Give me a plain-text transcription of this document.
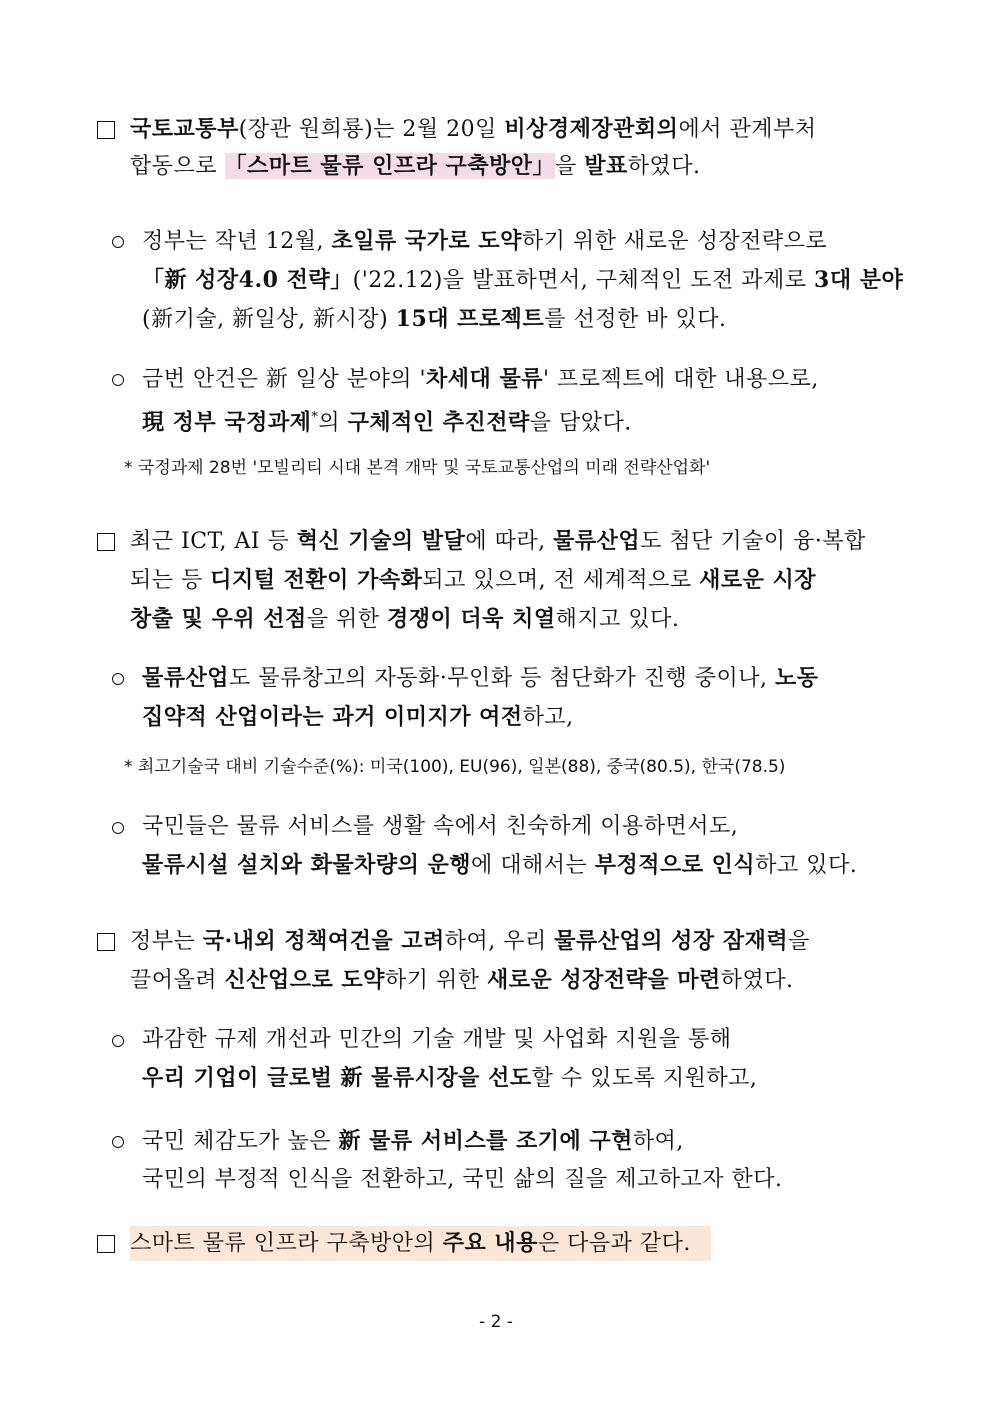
국토교통부(장관 원희룡)는 2월 20일 비상경제장관회의에서 관계부처
합동으로 「스마트 물류 인프라 구축방안」을 발표하였다.
정부는 작년 12월, 초일류 국가로 도약하기 위한 새로운 성장전략으로
「新 성장4.0 전략」('22.12)을 발표하면서, 구체적인 도전 과제로 3대 분야
(新기술, 新일상, 新시장) 15대 프로젝트를 선정한 바 있다.
금번 안건은 新 일상 분야의 '차세대 물류' 프로젝트에 대한 내용으로,
現 정부 국정과제*의 구체적인 추진전략을 담았다.
* 국정과제 28번 '모빌리티 시대 본격 개막 및 국토교통산업의 미래 전략산업화'
최근 ICT, AI 등 혁신 기술의 발달에 따라, 물류산업도 첨단 기술이 융·복합
되는 등 디지털 전환이 가속화되고 있으며, 전 세계적으로 새로운 시장
창출 및 우위 선점을 위한 경쟁이 더욱 치열해지고 있다.
물류산업도 물류창고의 자동화·무인화 등 첨단화가 진행 중이나, 노동
집약적 산업이라는 과거 이미지가 여전하고,
* 최고기술국 대비 기술수준(%): 미국(100), EU(96), 일본(88), 중국(80.5), 한국(78.5)
국민들은 물류 서비스를 생활 속에서 친숙하게 이용하면서도,
물류시설 설치와 화물차량의 운행에 대해서는 부정적으로 인식하고 있다.
정부는 국·내외 정책여건을 고려하여, 우리 물류산업의 성장 잠재력을
끌어올려 신산업으로 도약하기 위한 새로운 성장전략을 마련하였다.
과감한 규제 개선과 민간의 기술 개발 및 사업화 지원을 통해
우리 기업이 글로벌 新 물류시장을 선도할 수 있도록 지원하고,
국민 체감도가 높은 新 물류 서비스를 조기에 구현하여,
국민의 부정적 인식을 전환하고, 국민 삶의 질을 제고하고자 한다.
스마트 물류 인프라 구축방안의 주요 내용은 다음과 같다.
- 2 -
